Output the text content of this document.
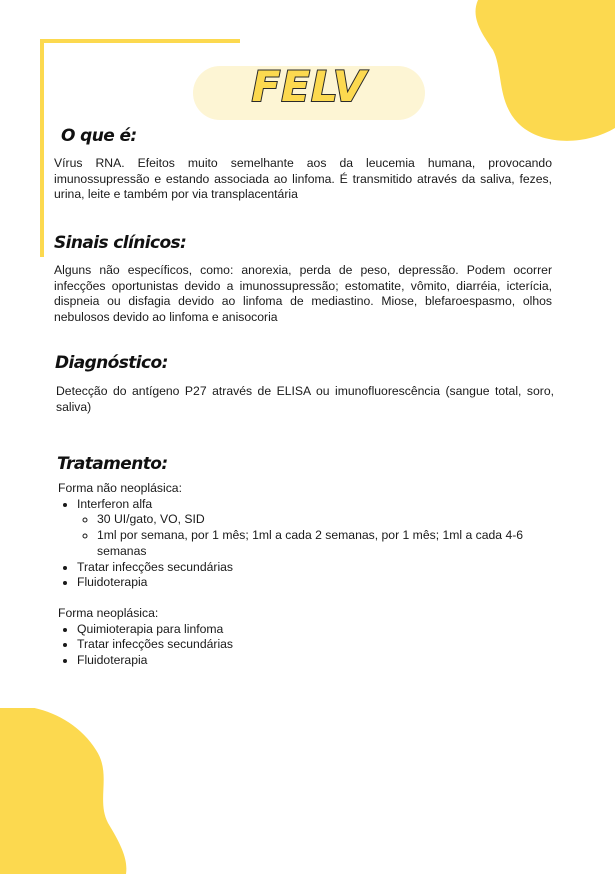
FELV
O que é:

Vírus RNA. Efeitos muito semelhante aos da leucemia humana, provocando imunossupressão e estando associada ao linfoma. É transmitido através da saliva, fezes, urina, leite e também por via transplacentária

Sinais clínicos:

Alguns não específicos, como: anorexia, perda de peso, depressão. Podem ocorrer infecções oportunistas devido a imunossupressão; estomatite, vômito, diarréia, icterícia, dispneia ou disfagia devido ao linfoma de mediastino. Miose, blefaroespasmo, olhos nebulosos devido ao linfoma e anisocoria

Diagnóstico:

Detecção do antígeno P27 através de ELISA ou imunofluorescência (sangue total, soro, saliva)

Tratamento:

Forma não neoplásica:

• Interferon alfa
◦ 30 UI/gato, VO, SID
◦ 1ml por semana, por 1 mês; 1ml a cada 2 semanas, por 1 mês; 1ml a cada 4-6 semanas
• Tratar infecções secundárias
• Fluidoterapia

Forma neoplásica:

• Quimioterapia para linfoma
• Tratar infecções secundárias
• Fluidoterapia
